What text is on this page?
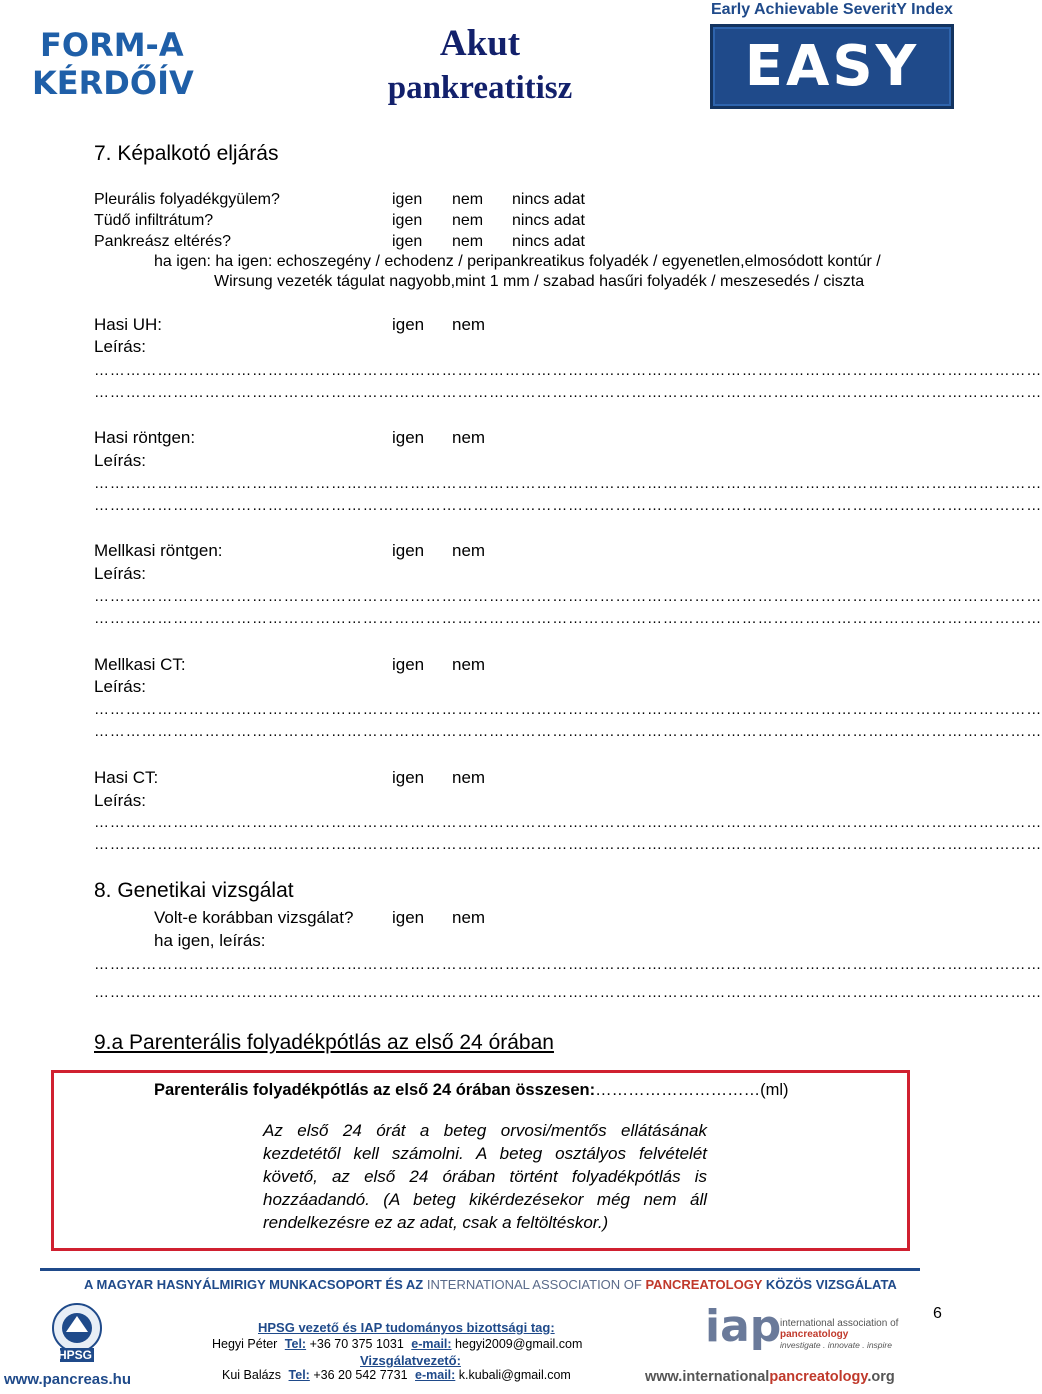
FORM-A
KÉRDŐÍV
Akut
pankreatitisz
Early Achievable SeveritY Index
EASY
7. Képalkotó eljárás
Pleurális folyadékgyülem?	igen nem nincs adat
Tüdő infiltrátum?	igen nem nincs adat
Pankreász eltérés?	igen nem nincs adat
ha igen: ha igen: echoszegény / echodenz / peripankreatikus folyadék / egyenetlen,elmosódott kontúr /
Wirsung vezeték tágulat nagyobb,mint 1 mm / szabad hasűri folyadék / meszesedés / ciszta
Hasi UH:	igen nem
Leírás:
………………………………………………………………………………………………………………………………………………………………
………………………………………………………………………………………………………………………………………………………………
Hasi röntgen:	igen nem
Leírás:
………………………………………………………………………………………………………………………………………………………………
………………………………………………………………………………………………………………………………………………………………
Mellkasi röntgen:	igen nem
Leírás:
………………………………………………………………………………………………………………………………………………………………
………………………………………………………………………………………………………………………………………………………………
Mellkasi CT:	igen nem
Leírás:
………………………………………………………………………………………………………………………………………………………………
………………………………………………………………………………………………………………………………………………………………
Hasi CT:	igen nem
Leírás:
………………………………………………………………………………………………………………………………………………………………
………………………………………………………………………………………………………………………………………………………………
8. Genetikai vizsgálat
Volt-e korábban vizsgálat? igen nem
ha igen, leírás:
………………………………………………………………………………………………………………………………………………………………
………………………………………………………………………………………………………………………………………………………………
9.a Parenterális folyadékpótlás az első 24 órában
Parenterális folyadékpótlás az első 24 órában összesen:…………………………(ml)
Az első 24 órát a beteg orvosi/mentős ellátásának kezdetétől kell számolni. A beteg osztályos felvételét követő, az első 24 órában történt folyadékpótlás is hozzáadandó. (A beteg kikérdezésekor még nem áll rendelkezésre ez az adat, csak a feltöltéskor.)
A MAGYAR HASNYÁLMIRIGY MUNKACSOPORT ÉS AZ INTERNATIONAL ASSOCIATION OF PANCREATOLOGY KÖZÖS VIZSGÁLATA
6
HPSG
www.pancreas.hu
HPSG vezető és IAP tudományos bizottsági tag:
Hegyi Péter Tel: +36 70 375 1031 e-mail: hegyi2009@gmail.com
Vizsgálatvezető:
Kui Balázs Tel: +36 20 542 7731 e-mail: k.kubali@gmail.com
iap
international association of
pancreatology
investigate . innovate . inspire
www.internationalpancreatology.org
